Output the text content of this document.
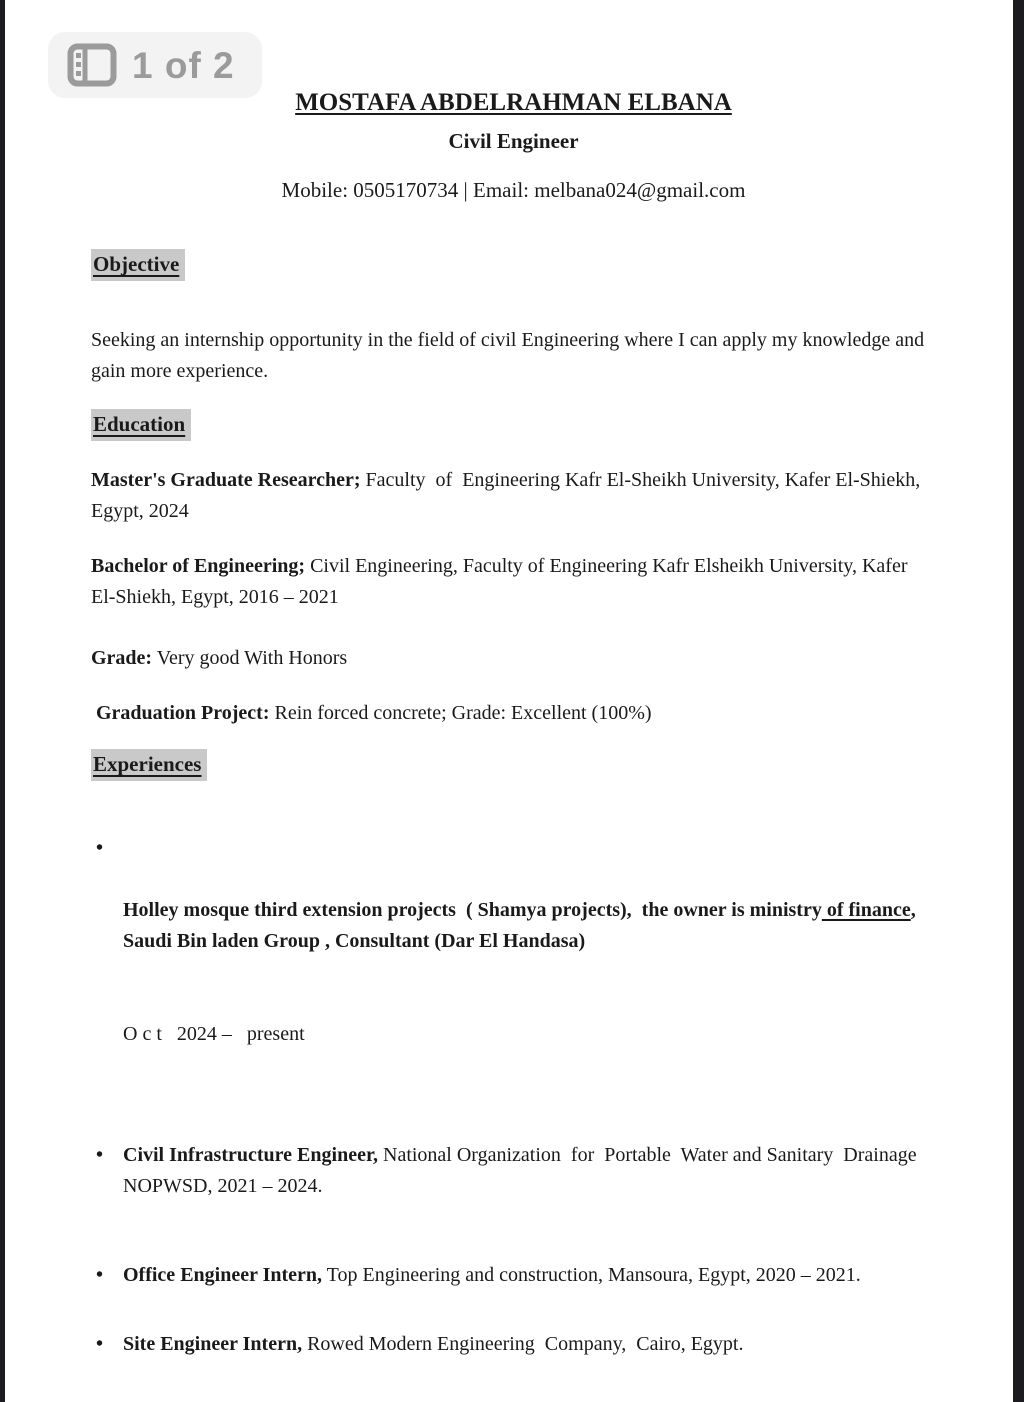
1 of 2
MOSTAFA ABDELRAHMAN ELBANA
Civil Engineer
Mobile: 0505170734 | Email: melbana024@gmail.com
Objective

Seeking an internship opportunity in the field of civil Engineering where I can apply my knowledge and gain more experience.

Education

Master's Graduate Researcher; Faculty  of  Engineering Kafr El-Sheikh University, Kafer El-Shiekh, Egypt, 2024

Bachelor of Engineering; Civil Engineering, Faculty of Engineering Kafr Elsheikh University, Kafer El-Shiekh, Egypt, 2016 – 2021

Grade: Very good With Honors

Graduation Project: Rein forced concrete; Grade: Excellent (100%)

Experiences
•

Holley mosque third extension projects  ( Shamya projects),  the owner is ministry of finance, Saudi Bin laden Group , Consultant (Dar El Handasa)

O c t   2024 –   present

• Civil Infrastructure Engineer, National Organization  for  Portable  Water and Sanitary  Drainage  NOPWSD, 2021 – 2024.
• Office Engineer Intern, Top Engineering and construction, Mansoura, Egypt, 2020 – 2021.
• Site Engineer Intern, Rowed Modern Engineering  Company,  Cairo, Egypt.
